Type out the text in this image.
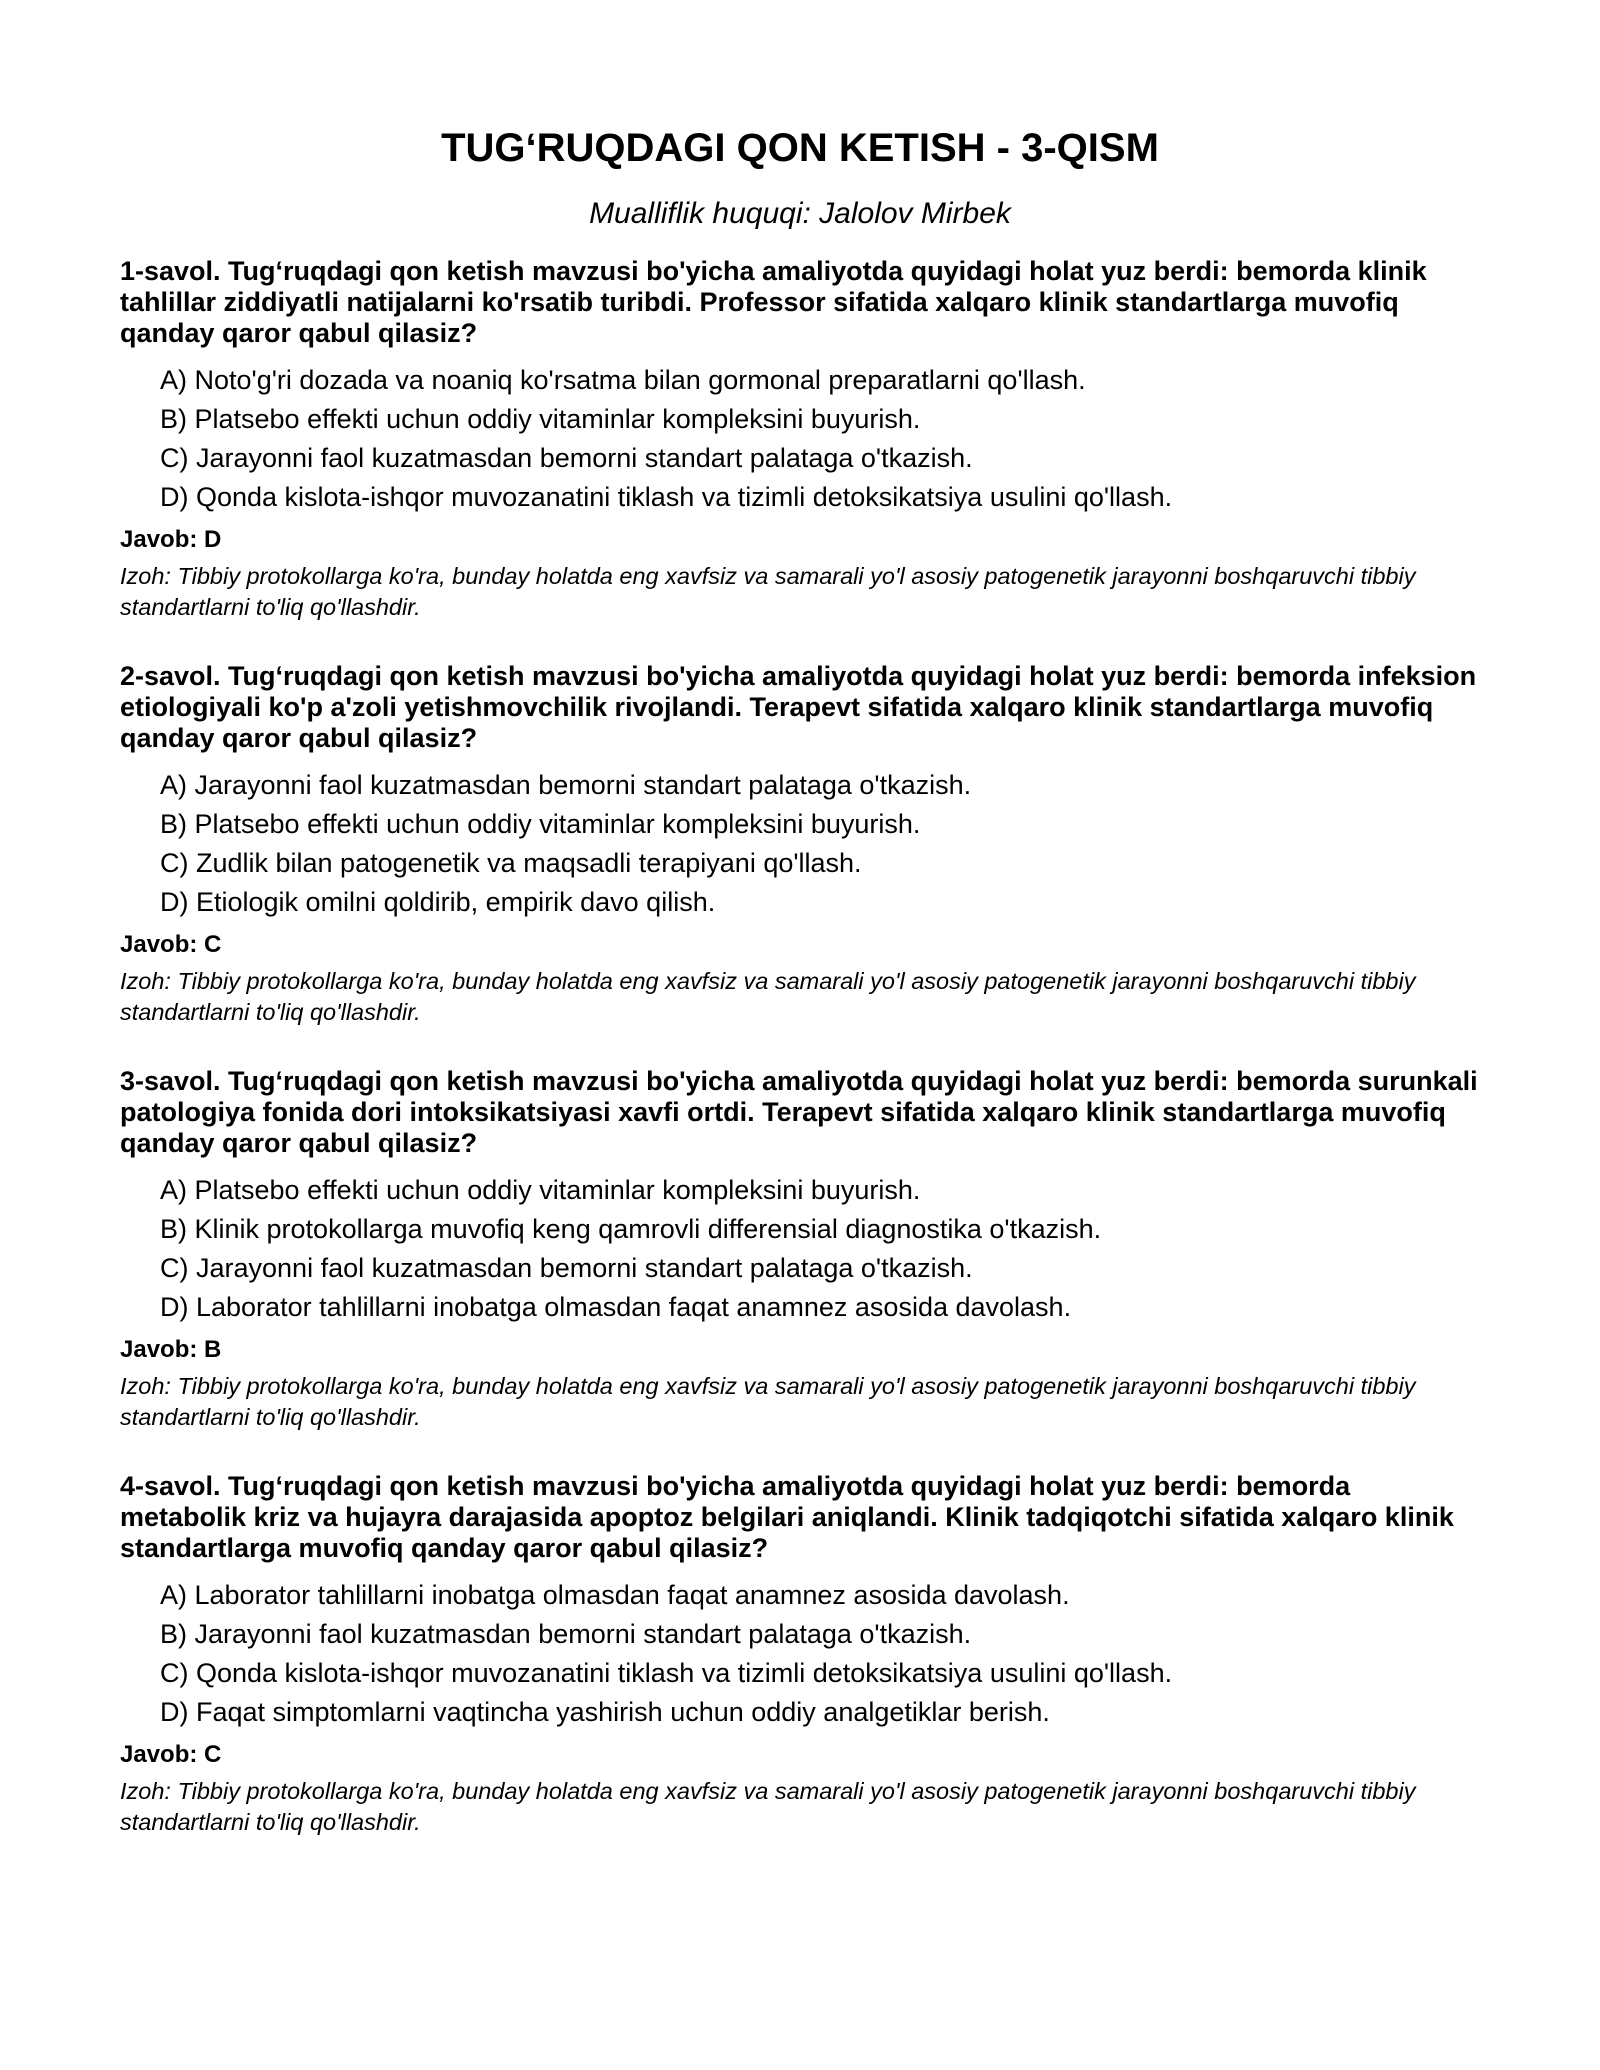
TUG‘RUQDAGI QON KETISH - 3-QISM

Mualliflik huquqi: Jalolov Mirbek

1-savol. Tug‘ruqdagi qon ketish mavzusi bo'yicha amaliyotda quyidagi holat yuz berdi: bemorda klinik tahlillar ziddiyatli natijalarni ko'rsatib turibdi. Professor sifatida xalqaro klinik standartlarga muvofiq qanday qaror qabul qilasiz?

A) Noto'g'ri dozada va noaniq ko'rsatma bilan gormonal preparatlarni qo'llash.
B) Platsebo effekti uchun oddiy vitaminlar kompleksini buyurish.
C) Jarayonni faol kuzatmasdan bemorni standart palataga o'tkazish.
D) Qonda kislota-ishqor muvozanatini tiklash va tizimli detoksikatsiya usulini qo'llash.

Javob: D

Izoh: Tibbiy protokollarga ko'ra, bunday holatda eng xavfsiz va samarali yo'l asosiy patogenetik jarayonni boshqaruvchi tibbiy standartlarni to'liq qo'llashdir.

2-savol. Tug‘ruqdagi qon ketish mavzusi bo'yicha amaliyotda quyidagi holat yuz berdi: bemorda infeksion etiologiyali ko'p a'zoli yetishmovchilik rivojlandi. Terapevt sifatida xalqaro klinik standartlarga muvofiq qanday qaror qabul qilasiz?

A) Jarayonni faol kuzatmasdan bemorni standart palataga o'tkazish.
B) Platsebo effekti uchun oddiy vitaminlar kompleksini buyurish.
C) Zudlik bilan patogenetik va maqsadli terapiyani qo'llash.
D) Etiologik omilni qoldirib, empirik davo qilish.

Javob: C

Izoh: Tibbiy protokollarga ko'ra, bunday holatda eng xavfsiz va samarali yo'l asosiy patogenetik jarayonni boshqaruvchi tibbiy standartlarni to'liq qo'llashdir.

3-savol. Tug‘ruqdagi qon ketish mavzusi bo'yicha amaliyotda quyidagi holat yuz berdi: bemorda surunkali patologiya fonida dori intoksikatsiyasi xavfi ortdi. Terapevt sifatida xalqaro klinik standartlarga muvofiq qanday qaror qabul qilasiz?

A) Platsebo effekti uchun oddiy vitaminlar kompleksini buyurish.
B) Klinik protokollarga muvofiq keng qamrovli differensial diagnostika o'tkazish.
C) Jarayonni faol kuzatmasdan bemorni standart palataga o'tkazish.
D) Laborator tahlillarni inobatga olmasdan faqat anamnez asosida davolash.

Javob: B

Izoh: Tibbiy protokollarga ko'ra, bunday holatda eng xavfsiz va samarali yo'l asosiy patogenetik jarayonni boshqaruvchi tibbiy standartlarni to'liq qo'llashdir.

4-savol. Tug‘ruqdagi qon ketish mavzusi bo'yicha amaliyotda quyidagi holat yuz berdi: bemorda metabolik kriz va hujayra darajasida apoptoz belgilari aniqlandi. Klinik tadqiqotchi sifatida xalqaro klinik standartlarga muvofiq qanday qaror qabul qilasiz?

A) Laborator tahlillarni inobatga olmasdan faqat anamnez asosida davolash.
B) Jarayonni faol kuzatmasdan bemorni standart palataga o'tkazish.
C) Qonda kislota-ishqor muvozanatini tiklash va tizimli detoksikatsiya usulini qo'llash.
D) Faqat simptomlarni vaqtincha yashirish uchun oddiy analgetiklar berish.

Javob: C

Izoh: Tibbiy protokollarga ko'ra, bunday holatda eng xavfsiz va samarali yo'l asosiy patogenetik jarayonni boshqaruvchi tibbiy standartlarni to'liq qo'llashdir.
